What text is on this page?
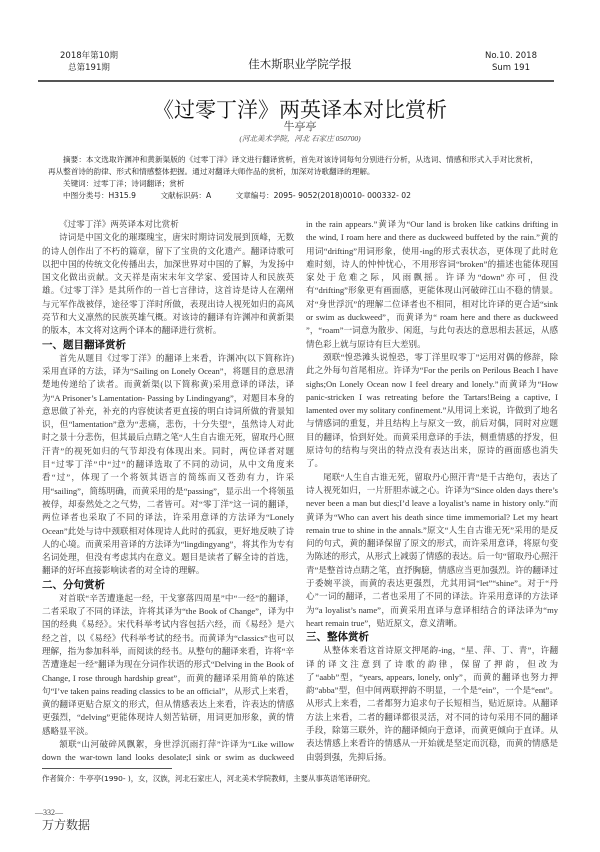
2018年第10期
总第191期	佳木斯职业学院学报
No.10. 2018
Sum 191
《过零丁洋》两英译本对比赏析
牛亭亭
(河北美术学院，河北 石家庄 050700)
摘要：本文选取许渊冲和黄新渠版的《过零丁洋》译文进行翻译赏析，首先对该诗词每句分别进行分析，从选词、情感和形式入手对比赏析，再从整首诗的韵律、形式和情感整体把握。通过对翻译大师作品的赏析，加深对诗歌翻译的理解。
关键词：过零丁洋；诗词翻译；赏析
中图分类号：H315.9	文献标识码：A	文章编号：2095- 9052(2018)0010- 000332- 02

《过零丁洋》两英译本对比赏析

诗词是中国文化的璀璨瑰宝，唐宋时期诗词发展到顶峰，无数的诗人创作出了不朽的篇章，留下了宝贵的文化遗产。翻译诗歌可以把中国的传统文化传播出去，加深世界对中国的了解，为发扬中国文化做出贡献。文天祥是南宋末年文学家、爱国诗人和民族英雄。《过零丁洋》是其所作的一首七言律诗，这首诗是诗人在潮州与元军作战被俘，途径零丁洋时所做，表现出诗人视死如归的高风亮节和大义凛然的民族英雄气概。对该诗的翻译有许渊冲和黄新渠的版本，本文将对这两个译本的翻译进行赏析。

一、题目翻译赏析

首先从题目《过零丁洋》的翻译上来看，许渊冲(以下简称许)采用直译的方法，译为“Sailing on Lonely Ocean”，将题目的意思清楚地传递给了读者。而黄新渠(以下简称黄)采用意译的译法，译为“A Prisoner’s Lamentation- Passing by Lindingyang”，对题目本身的意思做了补充，补充的内容使读者更直接的明白诗词所做的背景知识，但“lamentation”意为“悲痛，悲伤，十分失望”，虽然诗人对此时之景十分悲伤，但其最后点睛之笔“人生自古谁无死，留取丹心照汗青”的视死如归的气节却没有体现出来。同时，两位译者对题目“过零丁洋”中“过”的翻译选取了不同的动词，从中文角度来看“过”，体现了一个将领其语言的简练而又苍劲有力，许采用“sailing”，简练明确，而黄采用的是“passing”，显示出一个将领虽被俘，却泰然处之之气势，二者皆可。对“零丁洋”这一词的翻译，两位译者也采取了不同的译法，许采用意译的方法译为“Lonely Ocean”此处与诗中颈联相对体现诗人此时的孤寂，更好地反映了诗人的心境。而黄采用音译的方法译为“lingdingyang”，将其作为专有名词处理，但没有考虑其内在意义。题目是读者了解全诗的首选，翻译的好坏直接影响读者的对全诗的理解。

二、分句赏析

对首联“辛苦遭逢起一经，干戈寥落四周星”中“一经”的翻译，二者采取了不同的译法，许将其译为“the Book of Change”，译为中国的经典《易经》。宋代科举考试内容包括六经，而《易经》是六经之首，以《易经》代科举考试的经书。而黄译为“classics”也可以理解，指为参加科举，而阅读的经书。从整句的翻译来看，许将“辛苦遭逢起一经”翻译为现在分词作状语的形式“Delving in the Book of Change, I rose through hardship great”，而黄的翻译采用简单的陈述句“I’ve taken pains reading classics to be an official”，从形式上来看，黄的翻译更贴合原文的形式，但从情感表达上来看，许表达的情感更强烈，“delving”更能体现诗人刻苦钻研，用词更加形象，黄的情感略显平淡。

颔联“山河破碎风飘絮，身世浮沉雨打萍”许译为“Like willow down the war-town land looks desolate;I sink or swim as duckweed

in the rain appears.”黄译为“Our land is broken like catkins drifting in the wind, I roam here and there as duckweed buffeted by the rain.”黄的用词“drifting”用词形象，使用-ing的形式表状态，更体现了此时危难时刻，诗人的忡忡忧心，不用形容词“broken”的描述也能体现国家处于危难之际，风雨飘摇。许译为“down”亦可，但没有“drifting”形象更有画面感，更能体现山河破碎江山不稳的情景。对“身世浮沉”的理解二位译者也不相同，相对比许译的更合适“sink or swim as duckweed”，而黄译为“ roam here and there as duckweed ”，“roam”一词意为散步、闲逛，与此句表达的意思相去甚远，从感情色彩上就与原诗有巨大差别。

颈联“惶恐滩头说惶恐，零丁洋里叹零丁”运用对偶的修辞，除此之外每句首尾相应。许译为“For the perils on Perilous Beach I have sighs;On Lonely Ocean now I feel dreary and lonely.”而黄译为“How panic-stricken I was retreating before the Tartars!Being a captive, I lamented over my solitary confinement.”从用词上来说，许做到了地名与情感词的重复，并且结构上与原文一致，前后对偶，同时对应题目的翻译，恰到好处。而黄采用意译的手法，侧重情感的抒发，但原诗句的结构与突出的特点没有表达出来，原诗的画面感也消失了。

尾联“人生自古谁无死，留取丹心照汗青”是千古绝句，表达了诗人视死如归，一片肝胆赤诚之心。许译为“Since olden days there’s never been a man but dies;I’d leave a loyalist’s name in history only.”而黄译为“Who can avert his death since time immemorial? Let my heart remain true to shine in the annals.”原文“人生自古谁无死”采用的是反问的句式，黄的翻译保留了原文的形式，而许采用意译，将原句变为陈述的形式，从形式上减弱了情感的表达。后一句“留取丹心照汗青”是整首诗点睛之笔，直抒胸臆，情感应当更加强烈。许的翻译过于委婉平淡，而黄的表达更强烈，尤其用词“let”“shine”。对于“丹心”一词的翻译，二者也采用了不同的译法。许采用意译的方法译为“a loyalist’s name”，而黄采用直译与意译相结合的译法译为“my heart remain true”，贴近原文，意义清晰。

三、整体赏析

从整体来看这首诗原文押尾韵-ing，“星、萍、丁、青”，许翻译的译文注意到了诗歌的韵律，保留了押韵，但改为了“aabb”型，“years, appears, lonely, only”，而黄的翻译也努力押韵“abba”型，但中间两联押韵不明显，一个是“ein”，一个是“ent”。从形式上来看，二者都努力追求句子长短相当，贴近原诗。从翻译方法上来看，二者的翻译都很灵活，对不同的诗句采用不同的翻译手段，除第三联外，许的翻译倾向于意译，而黄更倾向于直译。从表达情感上来看许的情感从一开始就是坚定而沉稳，而黄的情感是由弱到强，先抑后扬。

作者简介：牛亭亭(1990- )，女，汉族，河北石家庄人，河北美术学院教师，主要从事英语笔译研究。
—332—
万方数据
